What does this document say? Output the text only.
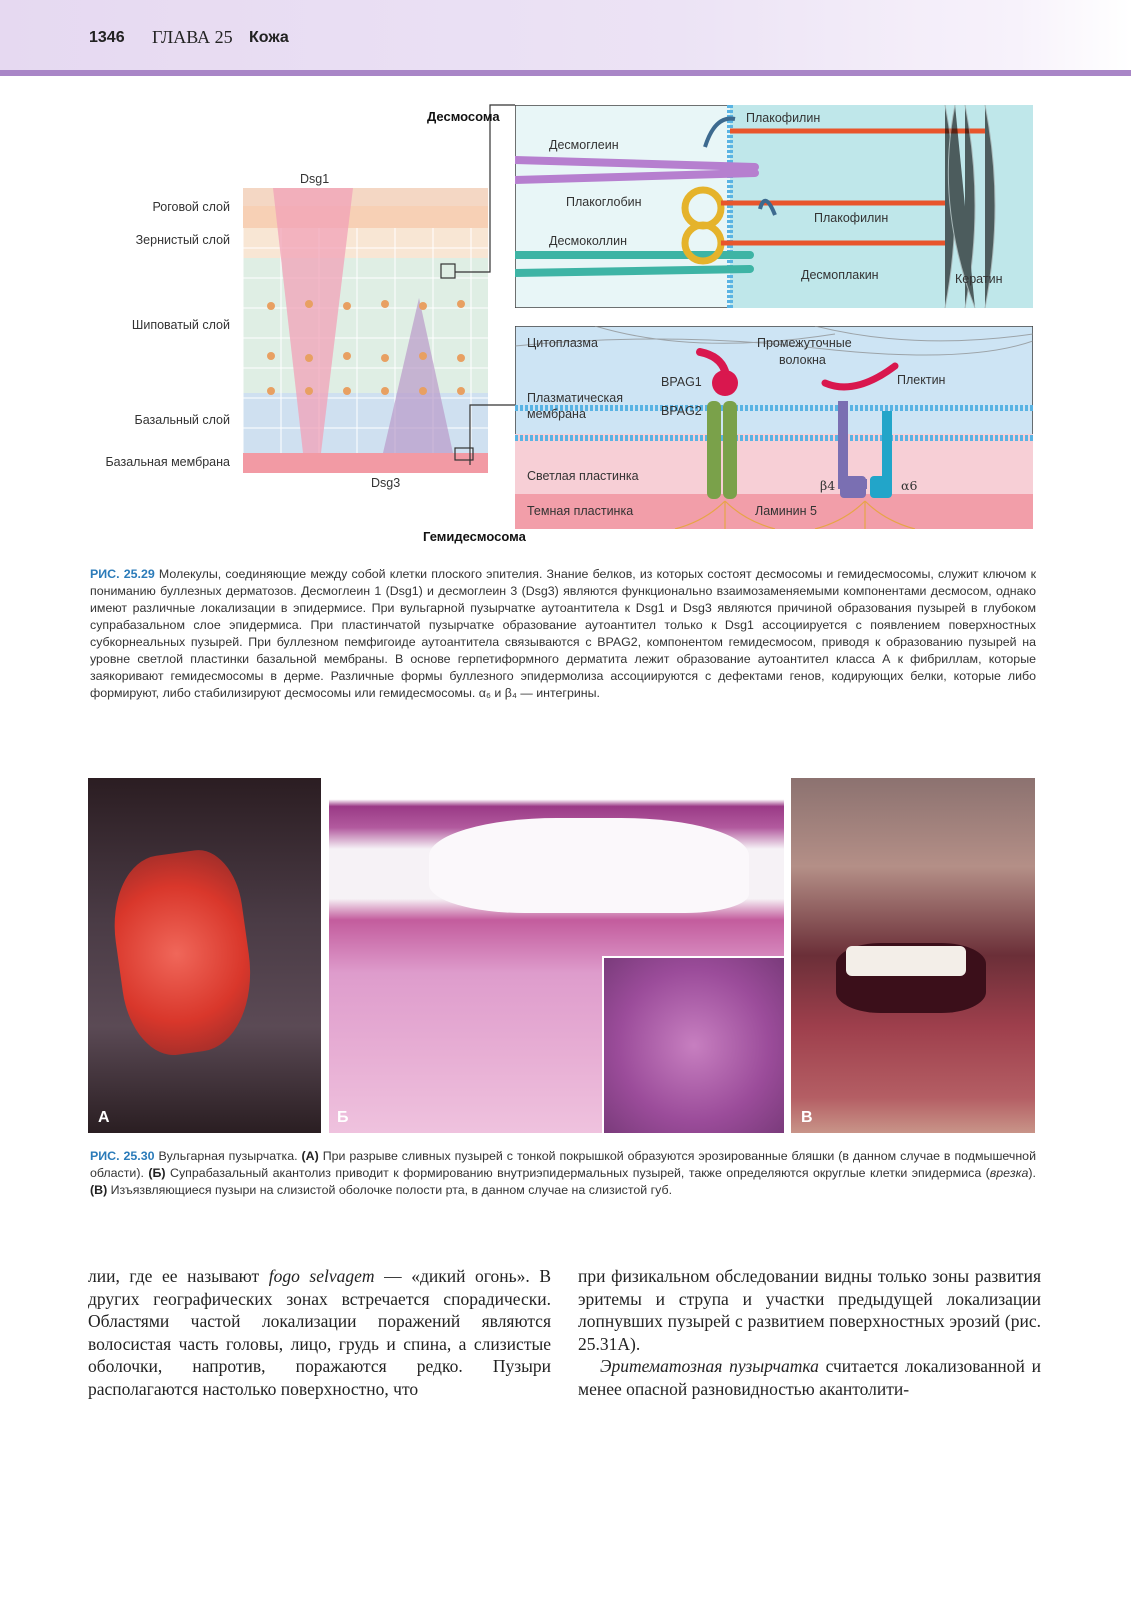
1346 ГЛАВА 25 Кожа
Десмосома
Гемидесмосома
Dsg1
Dsg3
Роговой слой
Зернистый слой
Шиповатый слой
Базальный слой
Базальная мембрана
Плакофилин
Десмоглеин
Плакоглобин
Плакофилин
Десмоколлин
Десмоплакин	Кератин
Цитоплазма	Промежуточные
волокна
BPAG1	Плектин
Плазматическая
мембрана	BPAG2
Светлая пластинка
β4	α6
Темная пластинка	Ламинин 5
РИС. 25.29 Молекулы, соединяющие между собой клетки плоского эпителия. Знание белков, из которых состоят десмосомы и гемидесмосомы, служит ключом к пониманию буллезных дерматозов. Десмоглеин 1 (Dsg1) и десмоглеин 3 (Dsg3) являются функционально взаимозаменяемыми компонентами десмосом, однако имеют различные локализации в эпидермисе. При вульгарной пузырчатке аутоантитела к Dsg1 и Dsg3 являются причиной образования пузырей в глубоком супрабазальном слое эпидермиса. При пластинчатой пузырчатке образование аутоантител только к Dsg1 ассоциируется с появлением поверхностных субкорнеальных пузырей. При буллезном пемфигоиде аутоантитела связываются с BPAG2, компонентом гемидесмосом, приводя к образованию пузырей на уровне светлой пластинки базальной мембраны. В основе герпетиформного дерматита лежит образование аутоантител класса А к фибриллам, которые заякоривают гемидесмосомы в дерме. Различные формы буллезного эпидермолиза ассоциируются с дефектами генов, кодирующих белки, которые либо формируют, либо стабилизируют десмосомы или гемидесмосомы. α₆ и β₄ — интегрины.
А	Б	В
РИС. 25.30 Вульгарная пузырчатка. (А) При разрыве сливных пузырей с тонкой покрышкой образуются эрозированные бляшки (в данном случае в подмышечной области). (Б) Супрабазальный акантолиз приводит к формированию внутриэпидермальных пузырей, также определяются округлые клетки эпидермиса (врезка). (В) Изъязвляющиеся пузыри на слизистой оболочке полости рта, в данном случае на слизистой губ.

лии, где ее называют fogo selvagem — «дикий огонь». В других географических зонах встречается спорадически. Областями частой локализации поражений являются волосистая часть головы, лицо, грудь и спина, а слизистые оболочки, напротив, поражаются редко. Пузыри располагаются настолько поверхностно, что

при физикальном обследовании видны только зоны развития эритемы и струпа и участки предыдущей локализации лопнувших пузырей с развитием поверхностных эрозий (рис. 25.31А).

Эритематозная пузырчатка считается локализованной и менее опасной разновидностью акантолити-
